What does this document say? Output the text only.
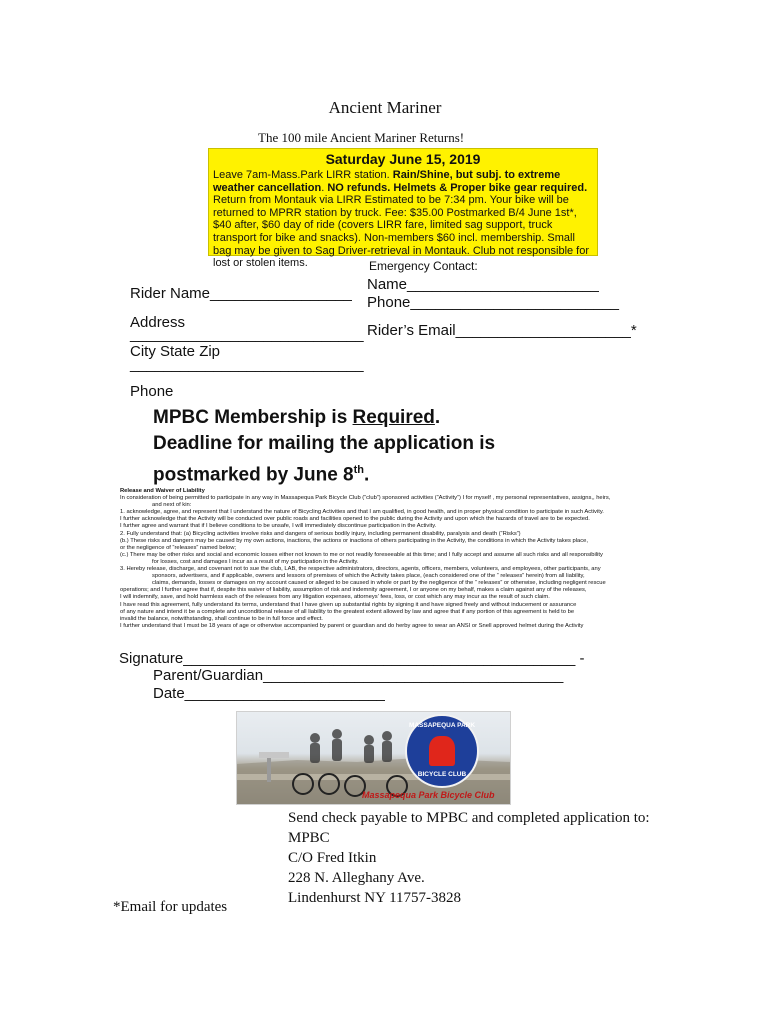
Ancient Mariner
The 100 mile Ancient Mariner Returns!
Saturday June 15, 2019

Leave 7am-Mass.Park LIRR station. Rain/Shine, but subj. to extreme weather cancellation. NO refunds. Helmets & Proper bike gear required.

Return from Montauk via LIRR Estimated to be 7:34 pm. Your bike will be returned to MPRR station by truck. Fee: $35.00 Postmarked B/4 June 1st*, $40 after, $60 day of ride (covers LIRR fare, limited sag support, truck transport for bike and snacks). Non-members $60 incl. membership. Small bag may be given to Sag Driver-retrieval in Montauk. Club not responsible for lost or stolen items.	Emergency Contact:
Name_______________________
Phone_________________________
Rider Name_________________
Address
____________________________ Rider’s Email_____________________*
City State Zip
____________________________
Phone
MPBC Membership is Required.
Deadline for mailing the application is
postmarked by June 8th.

Release and Waiver of Liability

In consideration of being permitted to participate in any way in Massapequa Park Bicycle Club (“club”) sponsored activities (“Activity”) I for myself , my personal representatives, assigns,, heirs,

and next of kin:

1. acknowledge, agree, and represent that I understand the nature of Bicycling Activities and that I am qualified, in good health, and in proper physical condition to participate in such Activity.

I further acknowledge that the Activity will be conducted over public roads and facilities opened to the public during the Activity and upon which the hazards of travel are to be expected.

I further agree and warrant that if I believe conditions to be unsafe, I will immediately discontinue participation in the Activity.

2. Fully understand that: (a) Bicycling activities involve risks and dangers of serious bodily injury, including permanent disability, paralysis and death (“Risks”)

(b.) These risks and dangers may be caused by my own actions, inactions, the actions or inactions of others participating in the Activity, the conditions in which the Activity takes place,

or the negligence of “releases” named below;

(c.) There may be other risks and social and economic losses either not known to me or not readily foreseeable at this time; and I fully accept and assume all such risks and all responsibility

for losses, cost and damages I incur as a result of my participation in the Activity.

3. Hereby release, discharge, and covenant not to sue the club, LAB, the respective administrators, directors, agents, officers, members, volunteers, and employees, other participants, any

sponsors, advertisers, and if applicable, owners and lessors of premises of which the Activity takes place, (each considered one of the “ releases” herein) from all liability,

claims, demands, losses or damages on my account caused or alleged to be caused in whole or part by the negligence of the “ releases” or otherwise, including negligent rescue

operations; and I further agree that if, despite this waiver of liability, assumption of risk and indemnity agreement, I or anyone on my behalf, makes a claim against any of the releases,

I will indemnify, save, and hold harmless each of the releases from any litigation expenses, attorneys’ fees, loss, or cost which any may incur as the result of such claim.

I have read this agreement, fully understand its terms, understand that I have given up substantial rights by signing it and have signed freely and without inducement or assurance

of any nature and intend it be a complete and unconditional release of all liability to the greatest extent allowed by law and agree that if any portion of this agreement is held to be

invalid the balance, notwithstanding, shall continue to be in full force and effect.

I further understand that I must be 18 years of age or otherwise accompanied by parent or guardian and do herby agree to wear an ANSI or Snell approved helmet during the Activity

Signature_______________________________________________ -
Parent/Guardian____________________________________
Date________________________
MASSAPEQUA PARK
BICYCLE CLUB
Massapequa Park Bicycle Club
Send check payable to MPBC and completed application to:
MPBC
C/O Fred Itkin
228 N. Alleghany Ave.
Lindenhurst NY 11757-3828
*Email for updates
